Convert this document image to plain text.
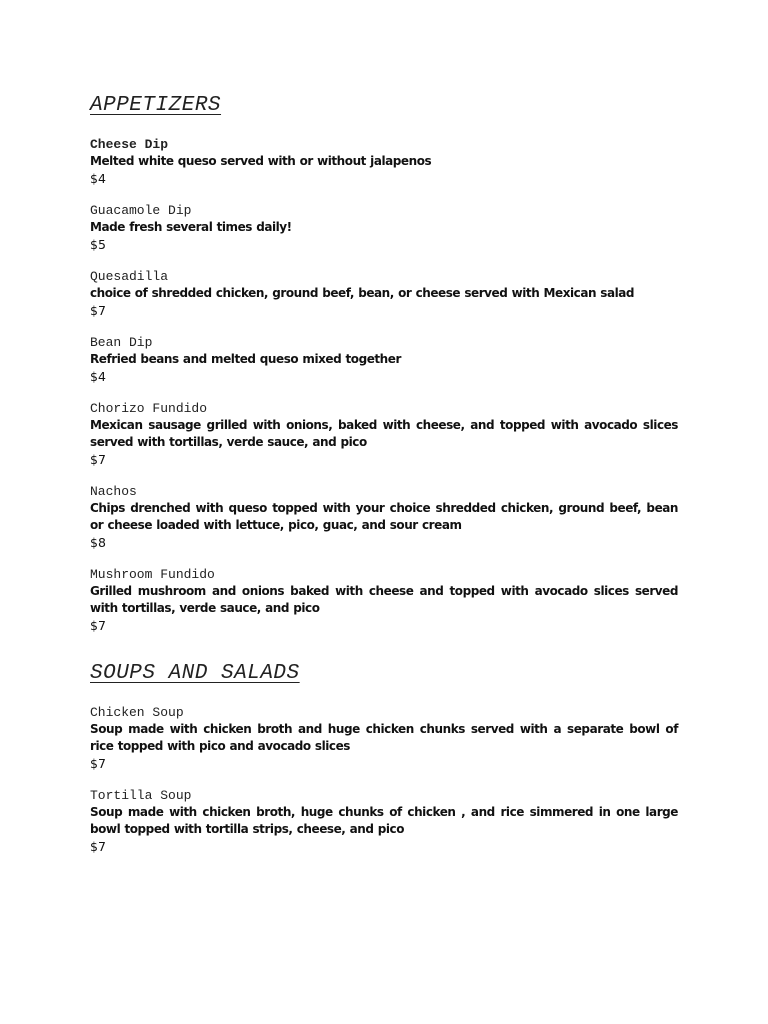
APPETIZERS
Cheese Dip
Melted white queso served with or without jalapenos
$4
Guacamole Dip
Made fresh several times daily!
$5
Quesadilla
choice of shredded chicken, ground beef, bean, or cheese served with Mexican salad
$7
Bean Dip
Refried beans and melted queso mixed together
$4
Chorizo Fundido
Mexican sausage grilled with onions, baked with cheese, and topped with avocado slices served with tortillas, verde sauce, and pico
$7
Nachos
Chips drenched with queso topped with your choice shredded chicken, ground beef, bean or cheese loaded with lettuce, pico, guac, and sour cream
$8
Mushroom Fundido
Grilled mushroom and onions baked with cheese and topped with avocado slices served with tortillas, verde sauce, and pico
$7
SOUPS AND SALADS
Chicken Soup
Soup made with chicken broth and huge chicken chunks served with a separate bowl of rice topped with pico and avocado slices
$7
Tortilla Soup
Soup made with chicken broth, huge chunks of chicken , and rice simmered in one large bowl topped with tortilla strips, cheese, and pico
$7
